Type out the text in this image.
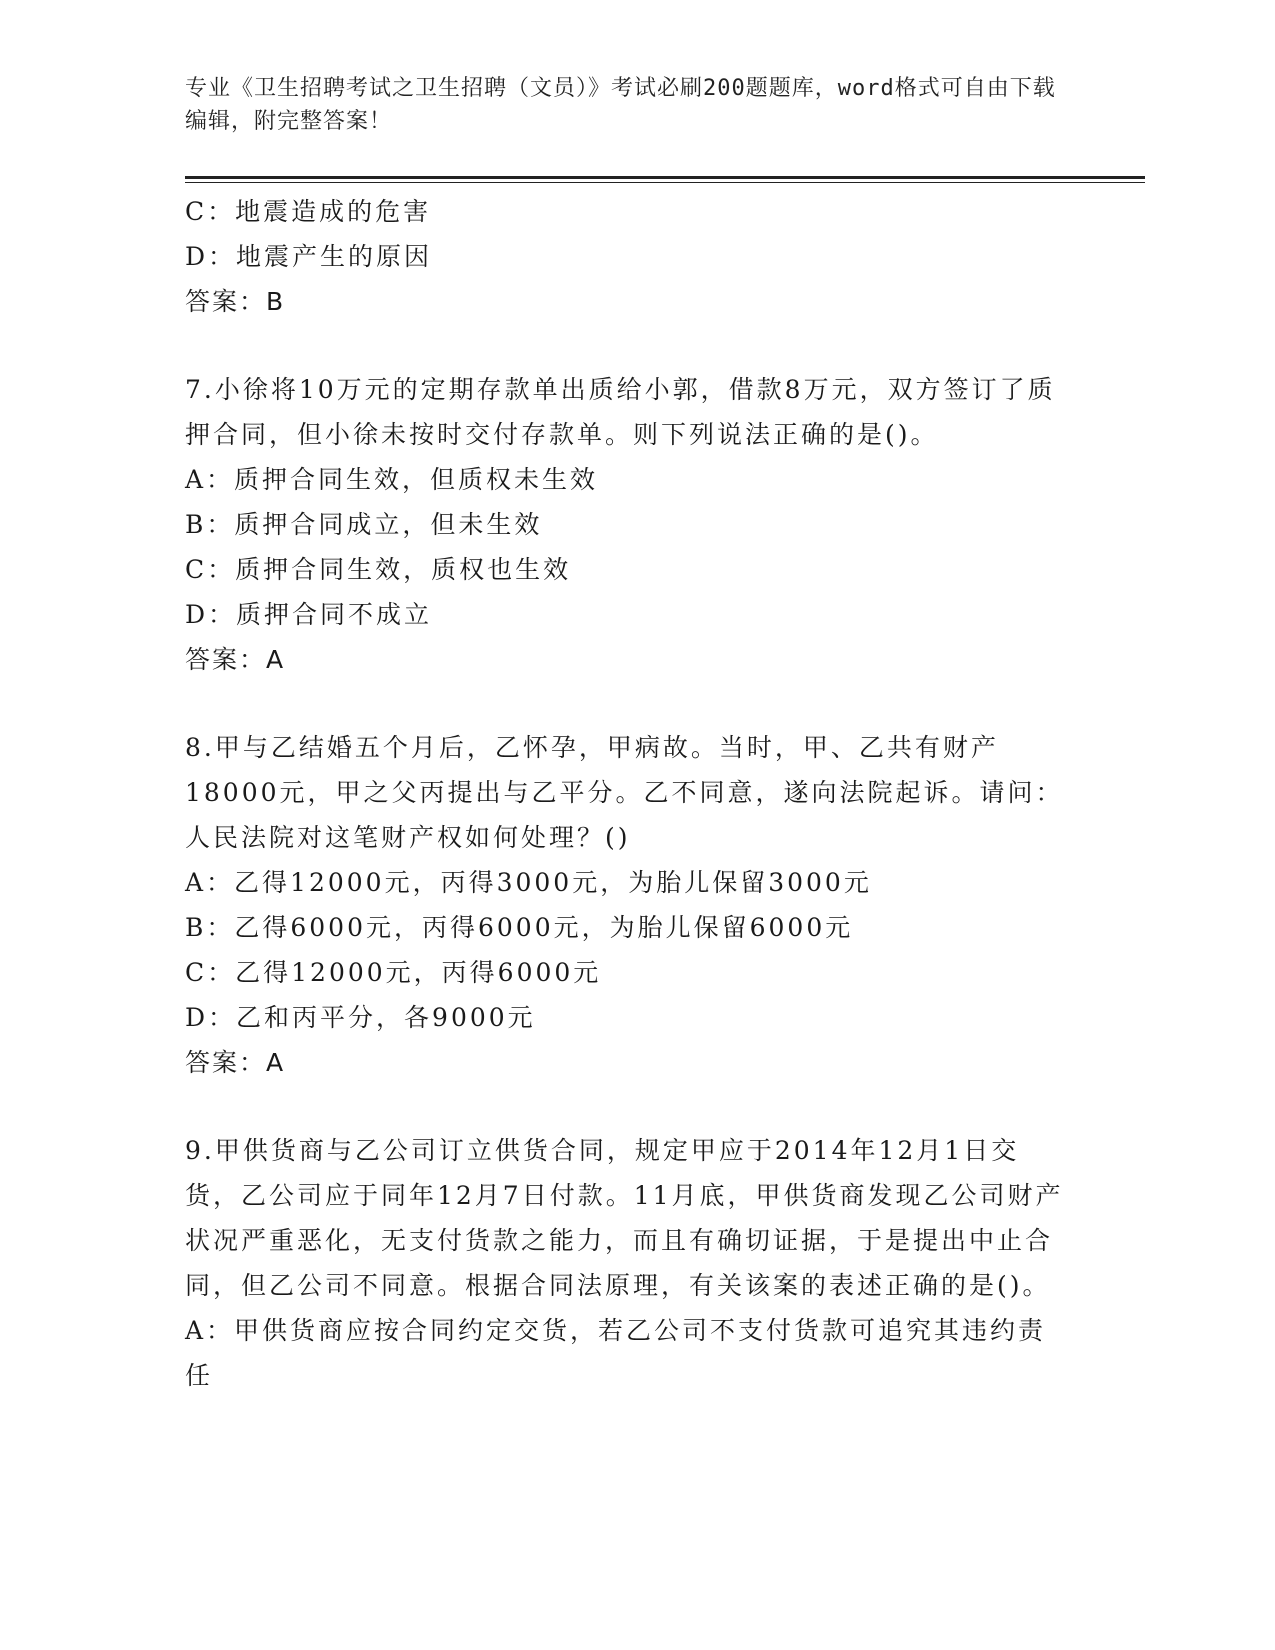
专业《卫生招聘考试之卫生招聘（文员）》考试必刷200题题库，word格式可自由下载编辑，附完整答案！
C：地震造成的危害
D：地震产生的原因
答案：B
7.小徐将10万元的定期存款单出质给小郭，借款8万元，双方签订了质押合同，但小徐未按时交付存款单。则下列说法正确的是()。
A：质押合同生效，但质权未生效
B：质押合同成立，但未生效
C：质押合同生效，质权也生效
D：质押合同不成立
答案：A
8.甲与乙结婚五个月后，乙怀孕，甲病故。当时，甲、乙共有财产18000元，甲之父丙提出与乙平分。乙不同意，遂向法院起诉。请问：人民法院对这笔财产权如何处理？()
A：乙得12000元，丙得3000元，为胎儿保留3000元
B：乙得6000元，丙得6000元，为胎儿保留6000元
C：乙得12000元，丙得6000元
D：乙和丙平分，各9000元
答案：A
9.甲供货商与乙公司订立供货合同，规定甲应于2014年12月1日交货，乙公司应于同年12月7日付款。11月底，甲供货商发现乙公司财产状况严重恶化，无支付货款之能力，而且有确切证据，于是提出中止合同，但乙公司不同意。根据合同法原理，有关该案的表述正确的是()。
A：甲供货商应按合同约定交货，若乙公司不支付货款可追究其违约责任
